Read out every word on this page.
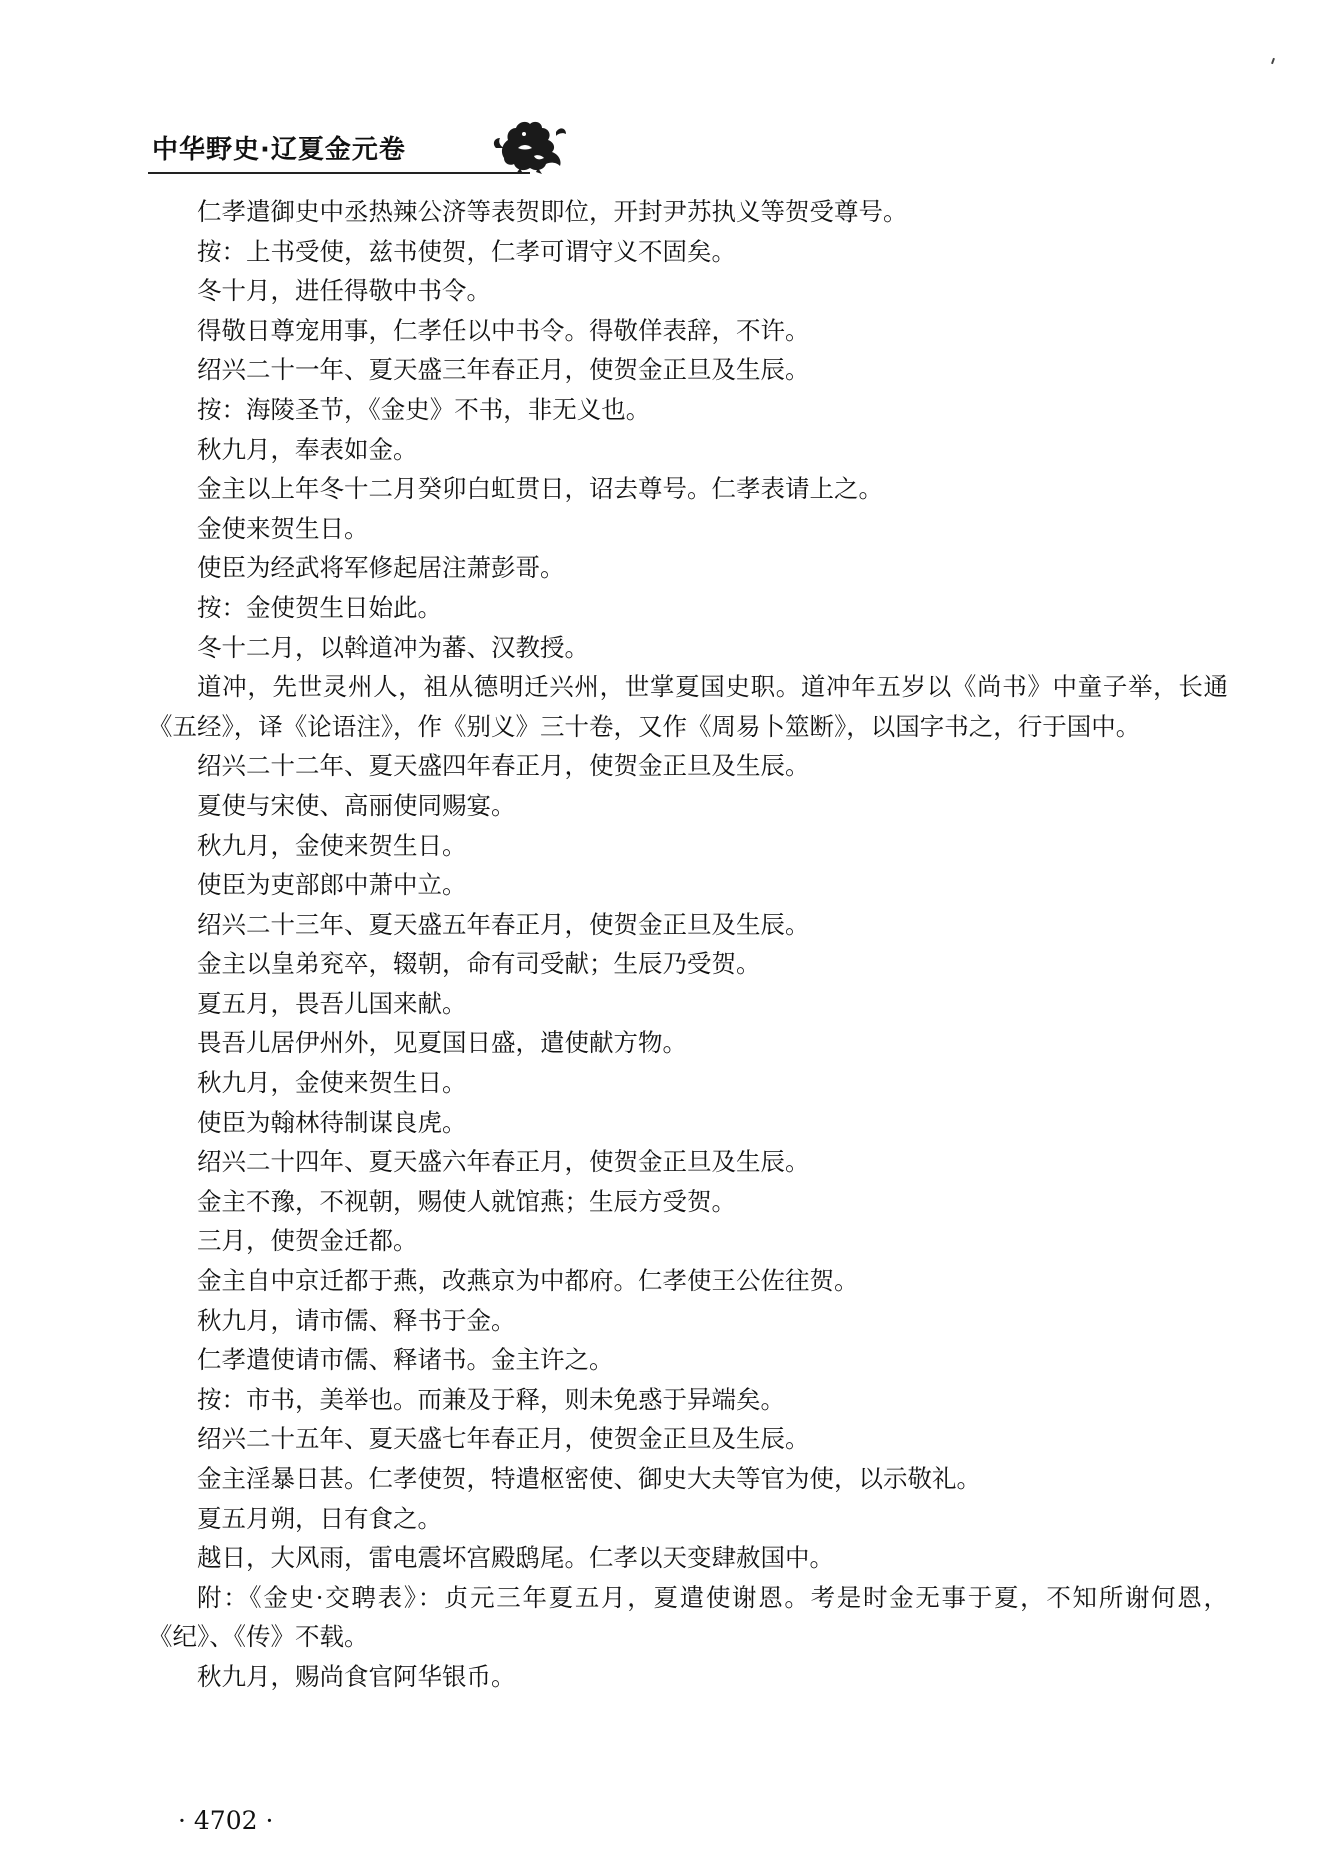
中华野史·辽夏金元卷

仁孝遣御史中丞热辣公济等表贺即位，开封尹苏执义等贺受尊号。

按：上书受使，兹书使贺，仁孝可谓守义不固矣。

冬十月，进任得敬中书令。

得敬日尊宠用事，仁孝任以中书令。得敬佯表辞，不许。

绍兴二十一年、夏天盛三年春正月，使贺金正旦及生辰。

按：海陵圣节，《金史》不书，非无义也。

秋九月，奉表如金。

金主以上年冬十二月癸卯白虹贯日，诏去尊号。仁孝表请上之。

金使来贺生日。

使臣为经武将军修起居注萧彭哥。

按：金使贺生日始此。

冬十二月，以斡道冲为蕃、汉教授。

道冲，先世灵州人，祖从德明迁兴州，世掌夏国史职。道冲年五岁以《尚书》中童子举，长通《五经》，译《论语注》，作《别义》三十卷，又作《周易卜筮断》，以国字书之，行于国中。

绍兴二十二年、夏天盛四年春正月，使贺金正旦及生辰。

夏使与宋使、高丽使同赐宴。

秋九月，金使来贺生日。

使臣为吏部郎中萧中立。

绍兴二十三年、夏天盛五年春正月，使贺金正旦及生辰。

金主以皇弟兖卒，辍朝，命有司受献；生辰乃受贺。

夏五月，畏吾儿国来献。

畏吾儿居伊州外，见夏国日盛，遣使献方物。

秋九月，金使来贺生日。

使臣为翰林待制谋良虎。

绍兴二十四年、夏天盛六年春正月，使贺金正旦及生辰。

金主不豫，不视朝，赐使人就馆燕；生辰方受贺。

三月，使贺金迁都。

金主自中京迁都于燕，改燕京为中都府。仁孝使王公佐往贺。

秋九月，请市儒、释书于金。

仁孝遣使请市儒、释诸书。金主许之。

按：市书，美举也。而兼及于释，则未免惑于异端矣。

绍兴二十五年、夏天盛七年春正月，使贺金正旦及生辰。

金主淫暴日甚。仁孝使贺，特遣枢密使、御史大夫等官为使，以示敬礼。

夏五月朔，日有食之。

越日，大风雨，雷电震坏宫殿鸱尾。仁孝以天变肆赦国中。

附：《金史·交聘表》：贞元三年夏五月，夏遣使谢恩。考是时金无事于夏，不知所谢何恩，《纪》、《传》不载。

秋九月，赐尚食官阿华银币。

· 4702 ·
